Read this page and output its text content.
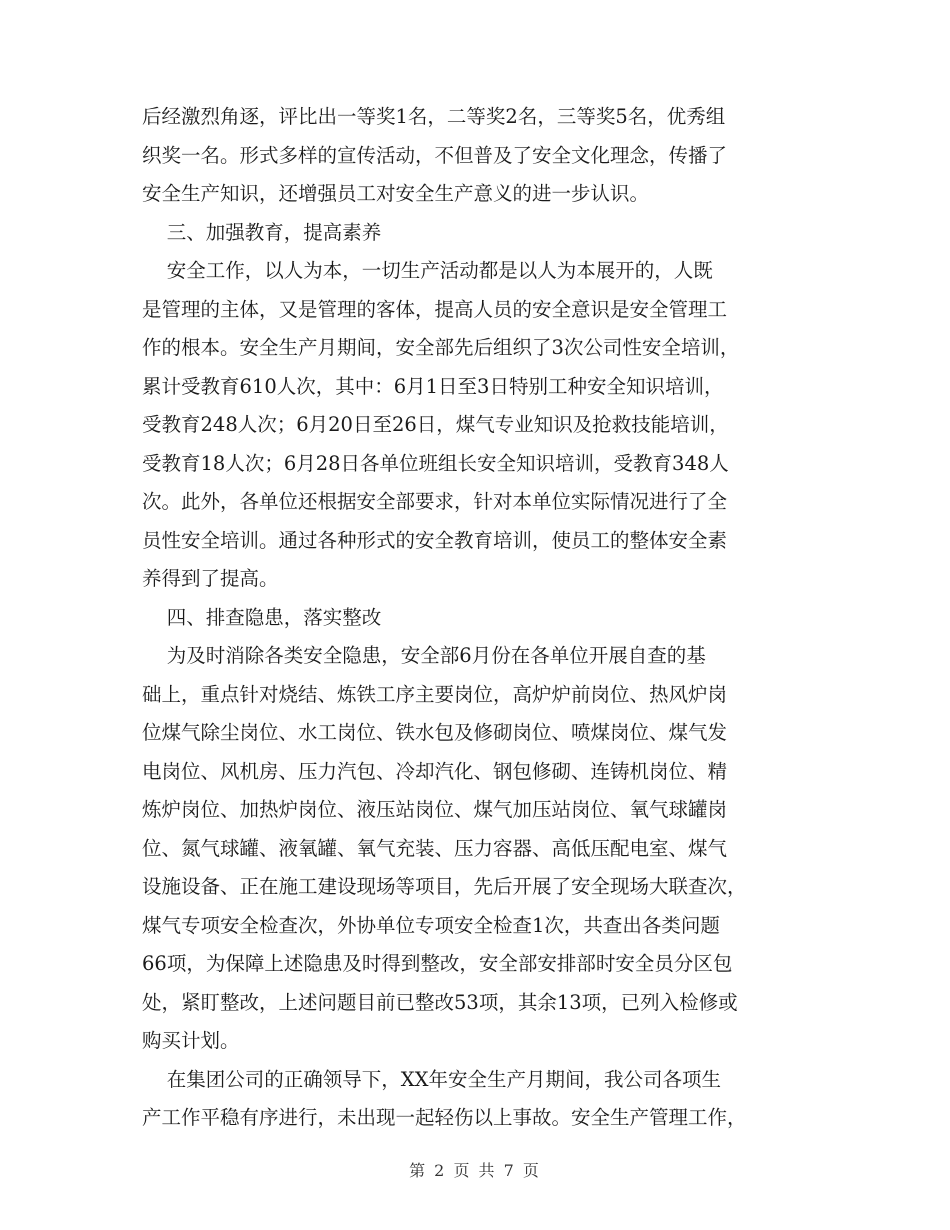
后经激烈角逐，评比出一等奖1名，二等奖2名，三等奖5名，优秀组
织奖一名。形式多样的宣传活动，不但普及了安全文化理念，传播了
安全生产知识，还增强员工对安全生产意义的进一步认识。
三、加强教育，提高素养
安全工作，以人为本，一切生产活动都是以人为本展开的，人既
是管理的主体，又是管理的客体，提高人员的安全意识是安全管理工
作的根本。安全生产月期间，安全部先后组织了3次公司性安全培训，
累计受教育610人次，其中：6月1日至3日特别工种安全知识培训，
受教育248人次；6月20日至26日，煤气专业知识及抢救技能培训，
受教育18人次；6月28日各单位班组长安全知识培训，受教育348人
次。此外，各单位还根据安全部要求，针对本单位实际情况进行了全
员性安全培训。通过各种形式的安全教育培训，使员工的整体安全素
养得到了提高。
四、排查隐患，落实整改
为及时消除各类安全隐患，安全部6月份在各单位开展自查的基
础上，重点针对烧结、炼铁工序主要岗位，高炉炉前岗位、热风炉岗
位煤气除尘岗位、水工岗位、铁水包及修砌岗位、喷煤岗位、煤气发
电岗位、风机房、压力汽包、冷却汽化、钢包修砌、连铸机岗位、精
炼炉岗位、加热炉岗位、液压站岗位、煤气加压站岗位、氧气球罐岗
位、氮气球罐、液氧罐、氧气充装、压力容器、高低压配电室、煤气
设施设备、正在施工建设现场等项目，先后开展了安全现场大联查次，
煤气专项安全检查次，外协单位专项安全检查1次，共查出各类问题
66项，为保障上述隐患及时得到整改，安全部安排部时安全员分区包
处，紧盯整改，上述问题目前已整改53项，其余13项，已列入检修或
购买计划。
在集团公司的正确领导下，XX年安全生产月期间，我公司各项生
产工作平稳有序进行，未出现一起轻伤以上事故。安全生产管理工作，
第 2 页 共 7 页
